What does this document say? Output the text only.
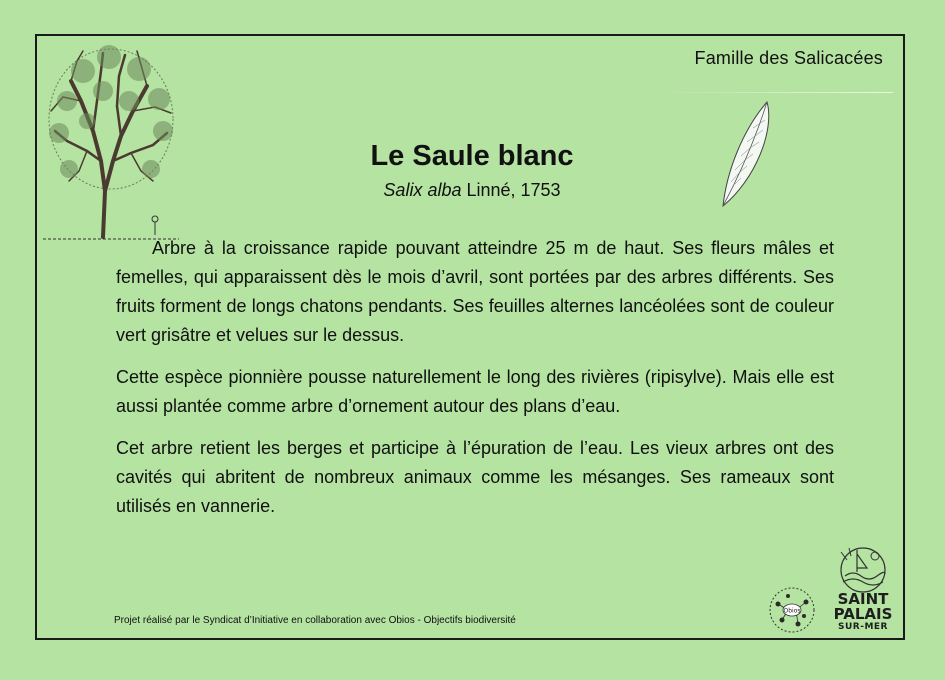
Famille des Salicacées
Le Saule blanc
Salix alba Linné, 1753

Arbre à la croissance rapide pouvant atteindre 25 m de haut. Ses fleurs mâles et femelles, qui apparaissent dès le mois d’avril, sont portées par des arbres différents. Ses fruits forment de longs chatons pendants. Ses feuilles alternes lancéolées sont de couleur vert grisâtre et velues sur le dessus.

Cette espèce pionnière pousse naturellement le long des rivières (ripisylve). Mais elle est aussi plantée comme arbre d’ornement autour des plans d’eau.

Cet arbre retient les berges et participe à l’épuration de l’eau. Les vieux arbres ont des cavités qui abritent de nombreux animaux comme les mésanges. Ses rameaux sont utilisés en vannerie.

Projet réalisé par le Syndicat d’Initiative en collaboration avec Obios - Objectifs biodiversité
Obios
SAINT
PALAIS
SUR-MER
